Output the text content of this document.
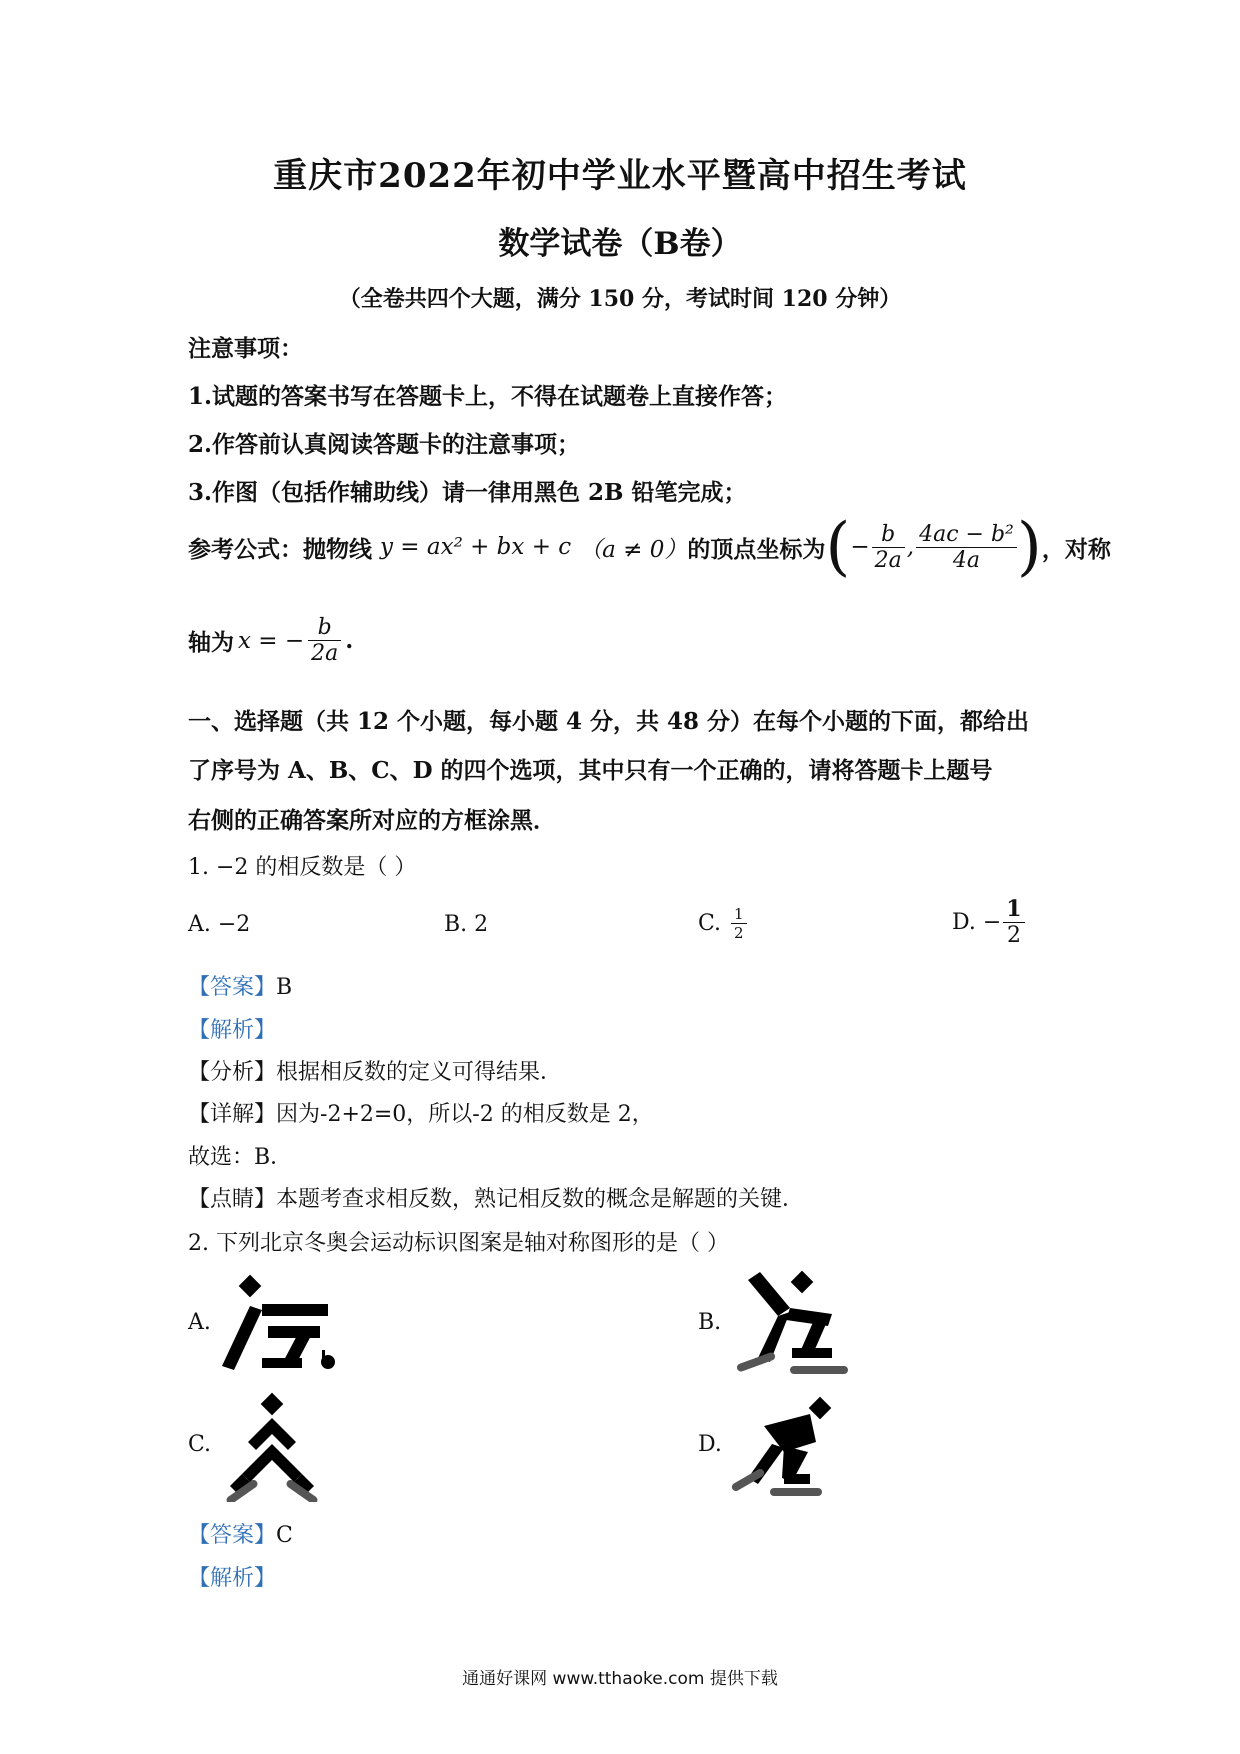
重庆市2022年初中学业水平暨高中招生考试
数学试卷（B卷）
（全卷共四个大题，满分 150 分，考试时间 120 分钟）
注意事项：
1.试题的答案书写在答题卡上，不得在试题卷上直接作答；
2.作答前认真阅读答题卡的注意事项；
3.作图（包括作辅助线）请一律用黑色 2B 铅笔完成；
参考公式：抛物线 y = ax² + bx + c （a ≠ 0） 的顶点坐标为 ( − $\frac{b}{2a}$ , $\frac{\text{4ac − b²}}{4a}$ ) ，对称
轴为 x = − $\frac{b}{2a}$ .
一、选择题（共 12 个小题，每小题 4 分，共 48 分）在每个小题的下面，都给出
了序号为 A、B、C、D 的四个选项，其中只有一个正确的，请将答题卡上题号
右侧的正确答案所对应的方框涂黑．
1. −2 的相反数是（ ）
A. −2	B. 2	C. $\frac{1}{2}$	D. − $\frac{1}{2}$
【答案】B
【解析】
【分析】根据相反数的定义可得结果．
【详解】因为-2+2=0，所以-2 的相反数是 2，
故选：B．
【点睛】本题考查求相反数，熟记相反数的概念是解题的关键．
2. 下列北京冬奥会运动标识图案是轴对称图形的是（ ）
A.	B.
C.	D.
【答案】C
【解析】
通通好课网 www.tthaoke.com 提供下载
